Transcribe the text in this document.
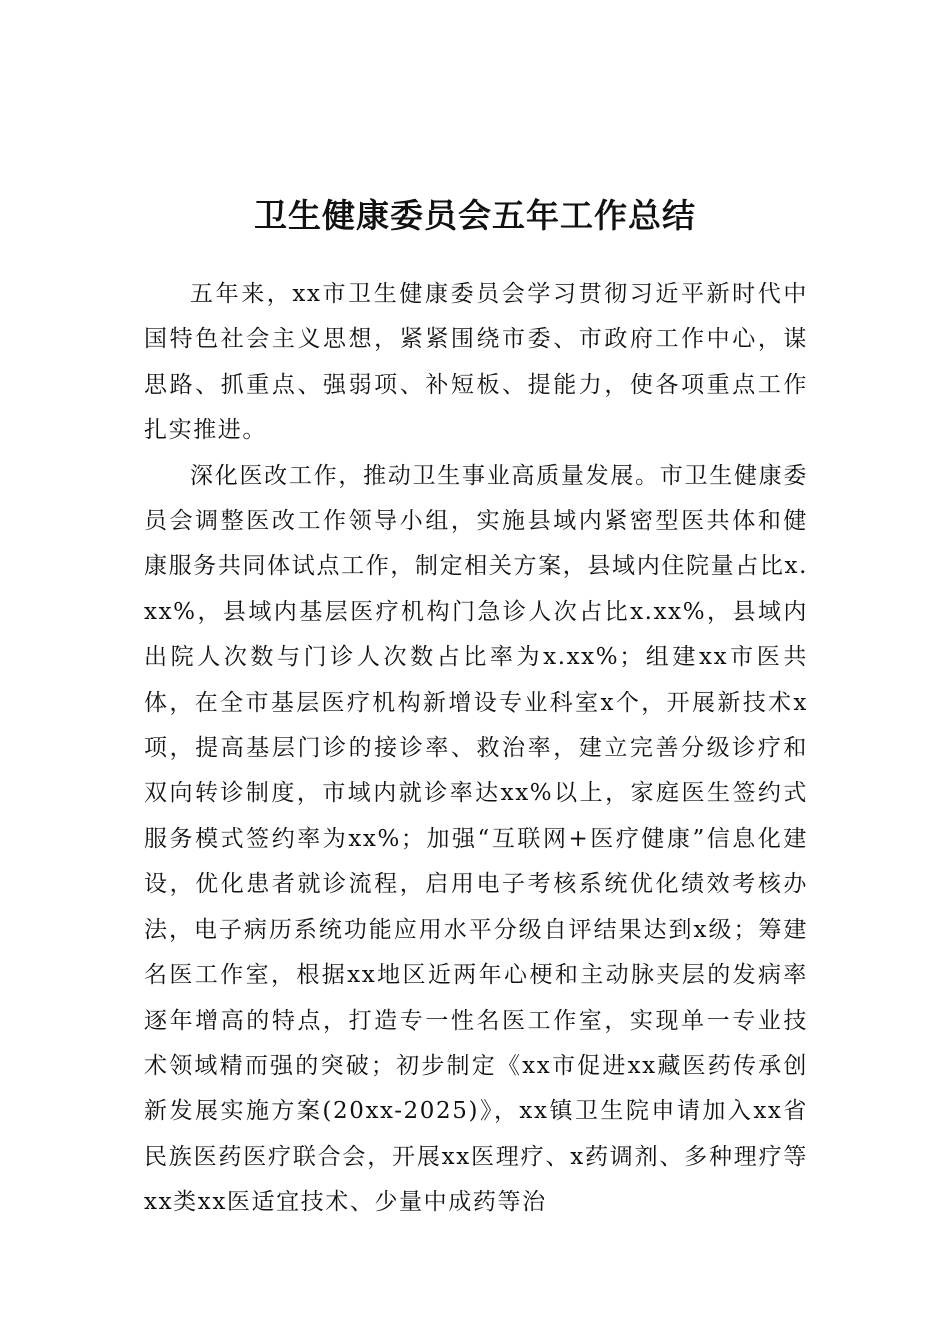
卫生健康委员会五年工作总结

五年来，xx市卫生健康委员会学习贯彻习近平新时代中国特色社会主义思想，紧紧围绕市委、市政府工作中心，谋思路、抓重点、强弱项、补短板、提能力，使各项重点工作扎实推进。

深化医改工作，推动卫生事业高质量发展。市卫生健康委员会调整医改工作领导小组，实施县域内紧密型医共体和健康服务共同体试点工作，制定相关方案，县域内住院量占比x.xx%，县域内基层医疗机构门急诊人次占比x.xx%，县域内出院人次数与门诊人次数占比率为x.xx%；组建xx市医共体，在全市基层医疗机构新增设专业科室x个，开展新技术x项，提高基层门诊的接诊率、救治率，建立完善分级诊疗和双向转诊制度，市域内就诊率达xx%以上，家庭医生签约式服务模式签约率为xx%；加强“互联网+医疗健康”信息化建设，优化患者就诊流程，启用电子考核系统优化绩效考核办法，电子病历系统功能应用水平分级自评结果达到x级；筹建名医工作室，根据xx地区近两年心梗和主动脉夹层的发病率逐年增高的特点，打造专一性名医工作室，实现单一专业技术领域精而强的突破；初步制定《xx市促进xx藏医药传承创新发展实施方案(20xx-2025)》，xx镇卫生院申请加入xx省民族医药医疗联合会，开展xx医理疗、x药调剂、多种理疗等xx类xx医适宜技术、少量中成药等治
